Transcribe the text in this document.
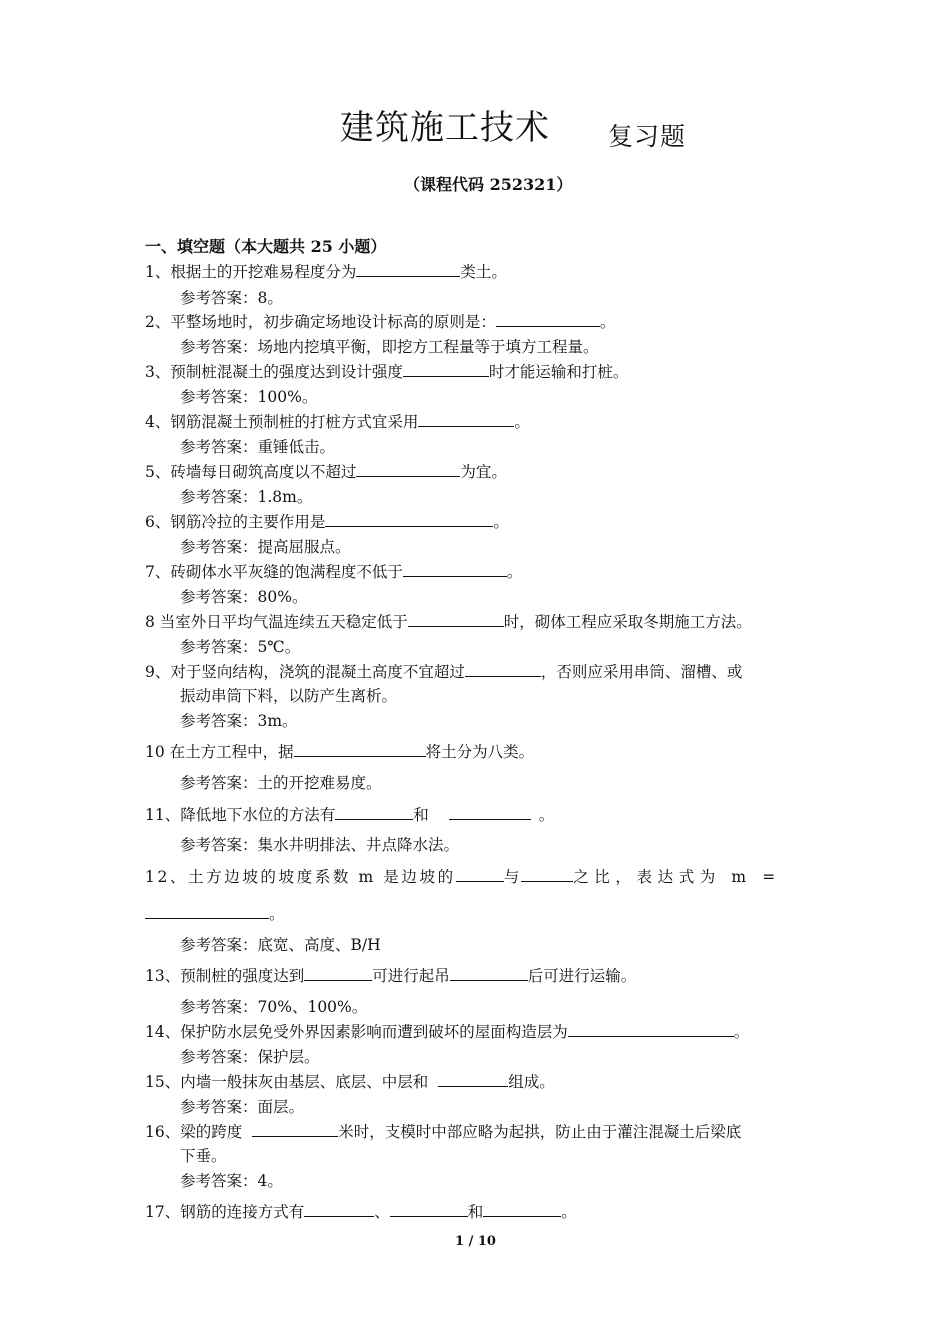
建筑施工技术 复习题
（课程代码 252321）
一、填空题（本大题共 25 小题）
1、根据土的开挖难易程度分为	类土。
参考答案：8。
2、平整场地时，初步确定场地设计标高的原则是：	。
参考答案：场地内挖填平衡，即挖方工程量等于填方工程量。
3、预制桩混凝土的强度达到设计强度	时才能运输和打桩。
参考答案：100%。
4、钢筋混凝土预制桩的打桩方式宜采用	。
参考答案：重锤低击。
5、砖墙每日砌筑高度以不超过	为宜。
参考答案：1.8m。
6、钢筋冷拉的主要作用是	。
参考答案：提高屈服点。
7、砖砌体水平灰缝的饱满程度不低于	。
参考答案：80%。
8 当室外日平均气温连续五天稳定低于	时，砌体工程应采取冬期施工方法。
参考答案：5℃。
9、对于竖向结构，浇筑的混凝土高度不宜超过	，否则应采用串筒、溜槽、或
振动串筒下料，以防产生离析。
参考答案：3m。
10 在土方工程中，据	将土分为八类。
参考答案：土的开挖难易度。
11、降低地下水位的方法有	和	。
参考答案：集水井明排法、井点降水法。
12、土方边坡的坡度系数 m 是边坡的	与	之比，表达式为 m =
。
参考答案：底宽、高度、B/H
13、预制桩的强度达到	可进行起吊	后可进行运输。
参考答案：70%、100%。
14、保护防水层免受外界因素影响而遭到破坏的屋面构造层为	。
参考答案：保护层。
15、内墙一般抹灰由基层、底层、中层和	组成。
参考答案：面层。
16、梁的跨度	米时，支模时中部应略为起拱，防止由于灌注混凝土后梁底
下垂。
参考答案：4。
17、钢筋的连接方式有	、	和	。
1 / 10
